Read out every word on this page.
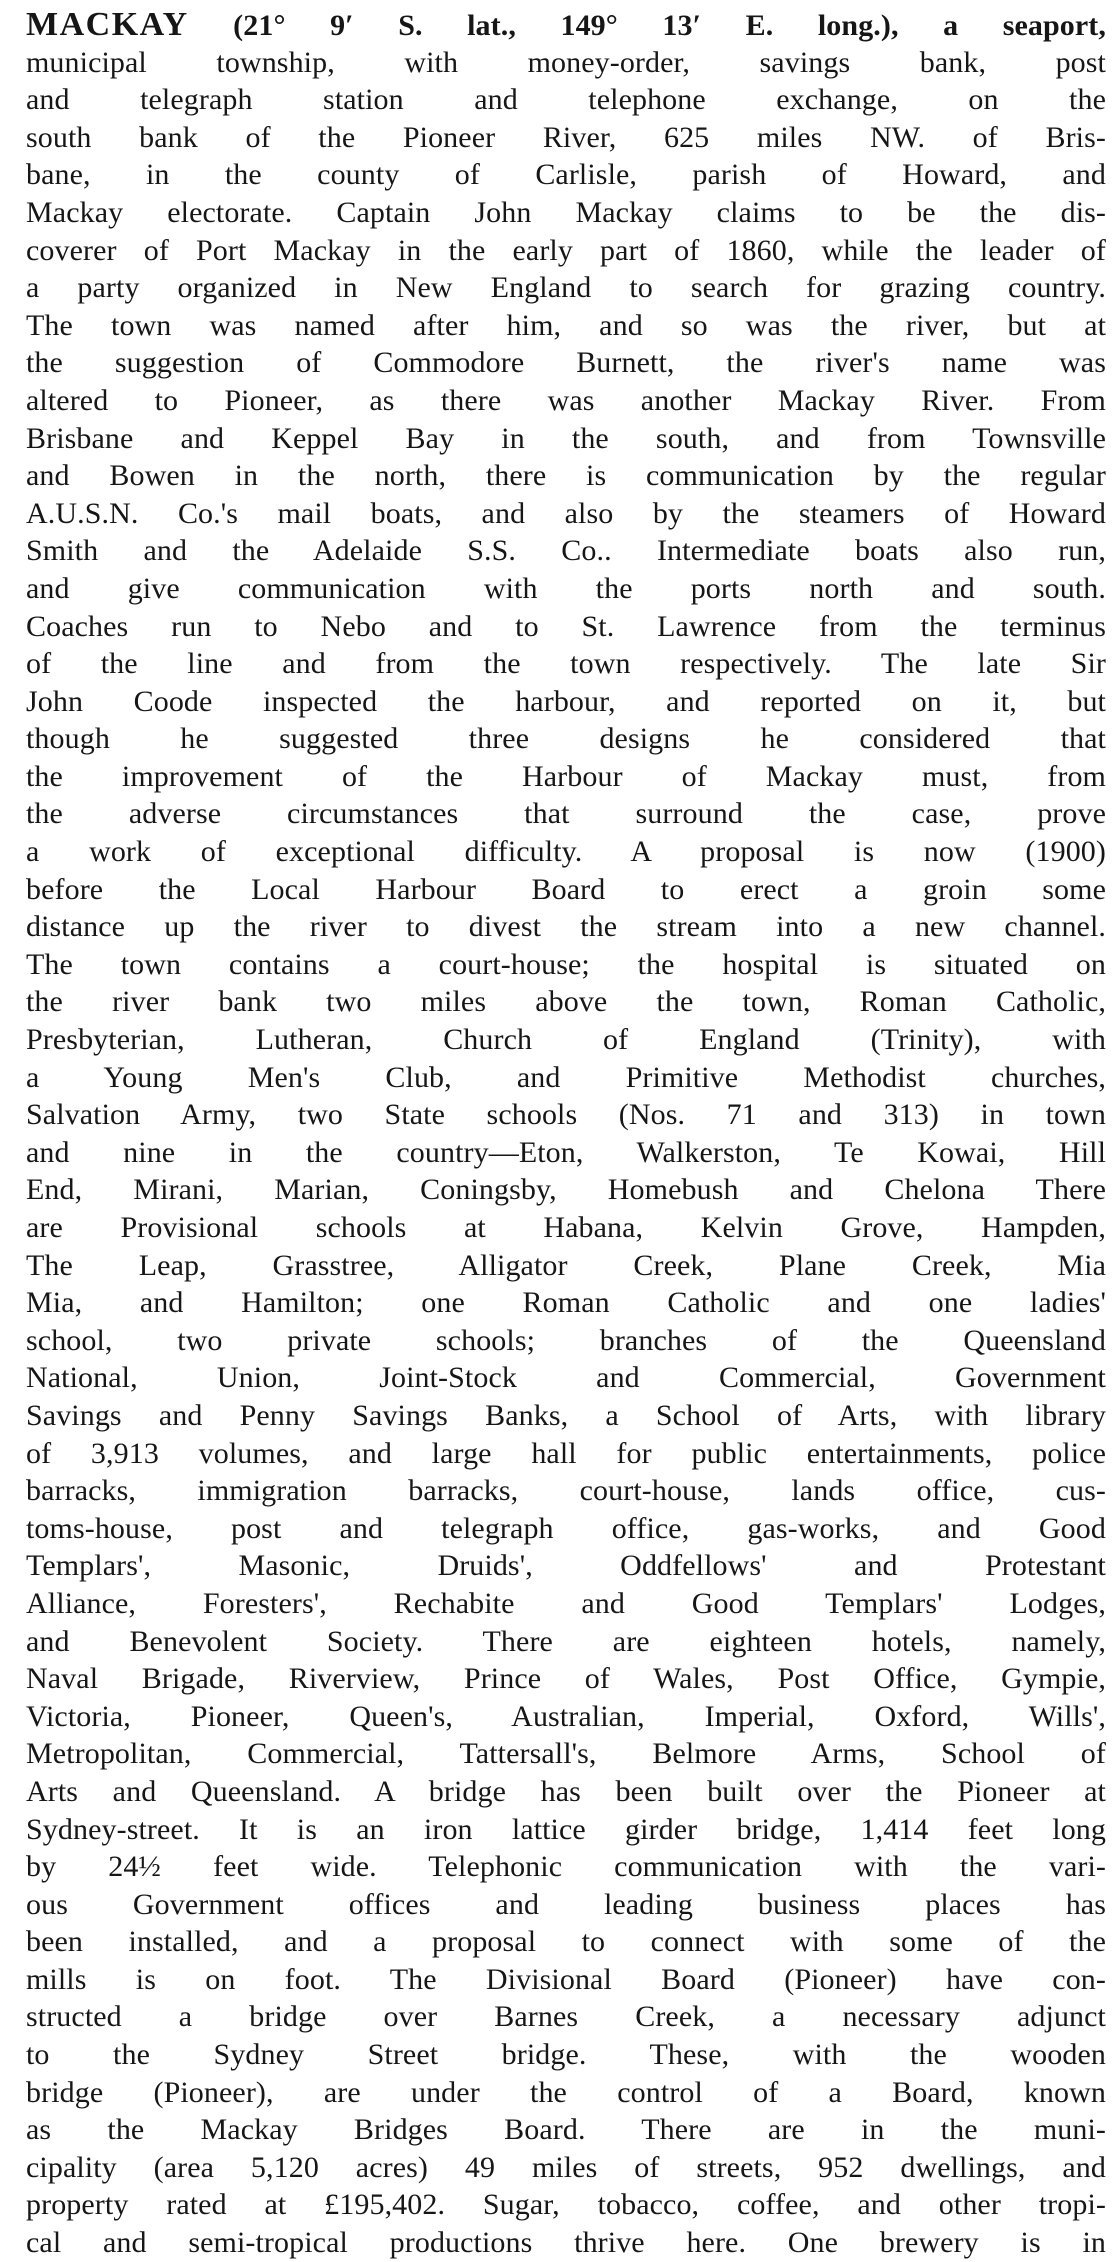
MACKAY (21° 9′ S. lat., 149° 13′ E. long.), a seaport,
municipal township, with money-order, savings bank, post
and telegraph station and telephone exchange, on the
south bank of the Pioneer River, 625 miles NW. of Bris-
bane, in the county of Carlisle, parish of Howard, and
Mackay electorate. Captain John Mackay claims to be the dis-
coverer of Port Mackay in the early part of 1860, while the leader of
a party organized in New England to search for grazing country.
The town was named after him, and so was the river, but at
the suggestion of Commodore Burnett, the river's name was
altered to Pioneer, as there was another Mackay River. From
Brisbane and Keppel Bay in the south, and from Townsville
and Bowen in the north, there is communication by the regular
A.U.S.N. Co.'s mail boats, and also by the steamers of Howard
Smith and the Adelaide S.S. Co.. Intermediate boats also run,
and give communication with the ports north and south.
Coaches run to Nebo and to St. Lawrence from the terminus
of the line and from the town respectively. The late Sir
John Coode inspected the harbour, and reported on it, but
though he suggested three designs he considered that
the improvement of the Harbour of Mackay must, from
the adverse circumstances that surround the case, prove
a work of exceptional difficulty. A proposal is now (1900)
before the Local Harbour Board to erect a groin some
distance up the river to divest the stream into a new channel.
The town contains a court-house; the hospital is situated on
the river bank two miles above the town, Roman Catholic,
Presbyterian, Lutheran, Church of England (Trinity), with
a Young Men's Club, and Primitive Methodist churches,
Salvation Army, two State schools (Nos. 71 and 313) in town
and nine in the country—Eton, Walkerston, Te Kowai, Hill
End, Mirani, Marian, Coningsby, Homebush and Chelona There
are Provisional schools at Habana, Kelvin Grove, Hampden,
The Leap, Grasstree, Alligator Creek, Plane Creek, Mia
Mia, and Hamilton; one Roman Catholic and one ladies'
school, two private schools; branches of the Queensland
National, Union, Joint-Stock and Commercial, Government
Savings and Penny Savings Banks, a School of Arts, with library
of 3,913 volumes, and large hall for public entertainments, police
barracks, immigration barracks, court-house, lands office, cus-
toms-house, post and telegraph office, gas-works, and Good
Templars', Masonic, Druids', Oddfellows' and Protestant
Alliance, Foresters', Rechabite and Good Templars' Lodges,
and Benevolent Society. There are eighteen hotels, namely,
Naval Brigade, Riverview, Prince of Wales, Post Office, Gympie,
Victoria, Pioneer, Queen's, Australian, Imperial, Oxford, Wills',
Metropolitan, Commercial, Tattersall's, Belmore Arms, School of
Arts and Queensland. A bridge has been built over the Pioneer at
Sydney-street. It is an iron lattice girder bridge, 1,414 feet long
by 24½ feet wide. Telephonic communication with the vari-
ous Government offices and leading business places has
been installed, and a proposal to connect with some of the
mills is on foot. The Divisional Board (Pioneer) have con-
structed a bridge over Barnes Creek, a necessary adjunct
to the Sydney Street bridge. These, with the wooden
bridge (Pioneer), are under the control of a Board, known
as the Mackay Bridges Board. There are in the muni-
cipality (area 5,120 acres) 49 miles of streets, 952 dwellings, and
property rated at £195,402. Sugar, tobacco, coffee, and other tropi-
cal and semi-tropical productions thrive here. One brewery is in
